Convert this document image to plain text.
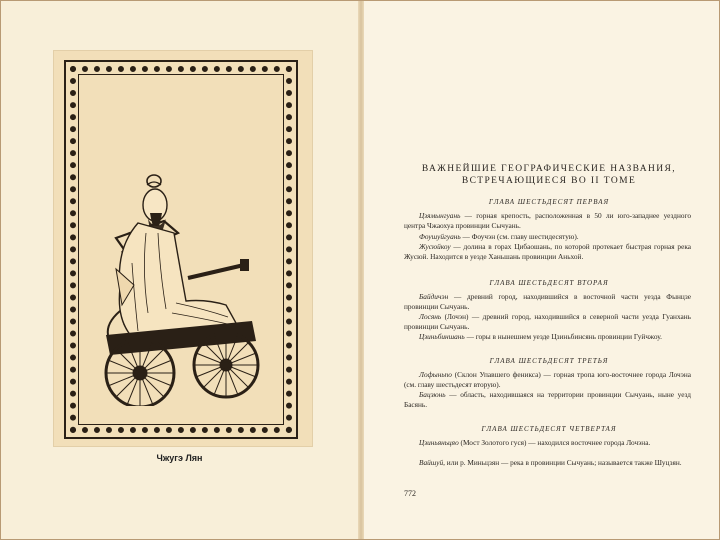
Чжугэ Лян
ВАЖНЕЙШИЕ ГЕОГРАФИЧЕСКИЕ НАЗВАНИЯ,
ВСТРЕЧАЮЩИЕСЯ ВО II ТОМЕ
ГЛАВА ШЕСТЬДЕСЯТ ПЕРВАЯ
Цзямынгуань — горная крепость, расположенная в 50 ли юго-западнее уездного центра Чжаохуа провинции Сычуань.
Фоушуйгуань — Фоучэн (см. главу шестидесятую).
Жусюйкоу — долина в горах Цибаошань, по которой протекает быстрая горная река Жусюй. Находится в уезде Ханьшань провинции Аньхой.
ГЛАВА ШЕСТЬДЕСЯТ ВТОРАЯ
Байдичэн — древний город, находившийся в восточной части уезда Фынцзе провинции Сычуань.
Лосянь (Лочэн) — древний город, находившийся в северной части уезда Гуанхань провинции Сычуань.
Цзиньбиншань — горы в нынешнем уезде Цзиньбинсянь провинции Гуйчжоу.
ГЛАВА ШЕСТЬДЕСЯТ ТРЕТЬЯ
Лофыньпо (Склон Упавшего феникса) — горная тропа юго-восточнее города Лочэна (см. главу шестьдесят вторую).
Бацзюнь — область, находившаяся на территории провинции Сычуань, ныне уезд Басянь.
ГЛАВА ШЕСТЬДЕСЯТ ЧЕТВЕРТАЯ
Цзиньяньцяо (Мост Золотого гуся) — находился восточнее города Лочэна.
Вайшуй, или р. Миньцзян — река в провинции Сычуань; называется также Шуцзян.
772
